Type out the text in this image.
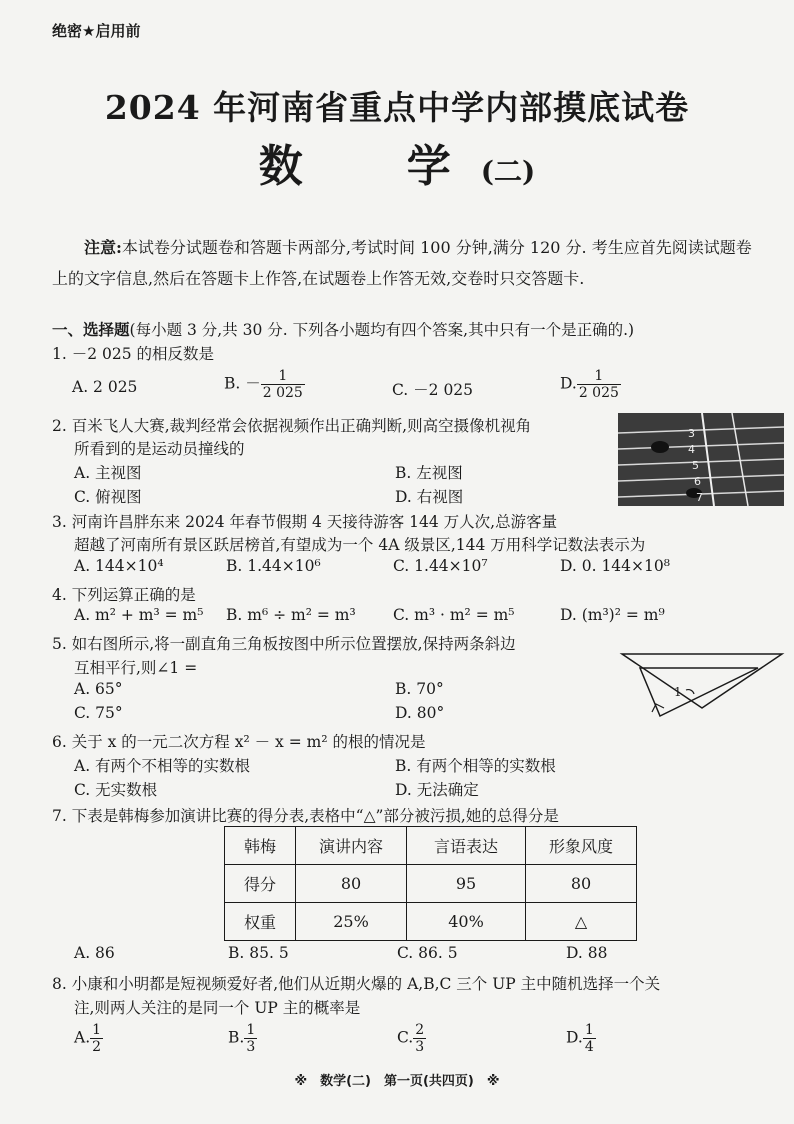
绝密★启用前
2024 年河南省重点中学内部摸底试卷
数　学(二)
注意:本试卷分试题卷和答题卡两部分,考试时间 100 分钟,满分 120 分. 考生应首先阅读试题卷上的文字信息,然后在答题卡上作答,在试题卷上作答无效,交卷时只交答题卡.
一、选择题(每小题 3 分,共 30 分. 下列各小题均有四个答案,其中只有一个是正确的.)
1. －2 025 的相反数是
A. 2 025	B. － $\frac{1}{2 025}$	C. －2 025	D. $\frac{1}{2 025}$
2. 百米飞人大赛,裁判经常会依据视频作出正确判断,则高空摄像机视角
所看到的是运动员撞线的
A. 主视图	B. 左视图
C. 俯视图	D. 右视图
3
4
5
6
7
3. 河南许昌胖东来 2024 年春节假期 4 天接待游客 144 万人次,总游客量
超越了河南所有景区跃居榜首,有望成为一个 4A 级景区,144 万用科学记数法表示为
A. 144×10⁴	B. 1.44×10⁶	C. 1.44×10⁷	D. 0. 144×10⁸
4. 下列运算正确的是
A. m² + m³ = m⁵ B. m⁶ ÷ m² = m³ C. m³ · m² = m⁵	D. (m³)² = m⁹
5. 如右图所示,将一副直角三角板按图中所示位置摆放,保持两条斜边
互相平行,则∠1 =
A. 65°	B. 70°
C. 75°	D. 80°
1
6. 关于 x 的一元二次方程 x² － x = m² 的根的情况是
A. 有两个不相等的实数根	B. 有两个相等的实数根
C. 无实数根	D. 无法确定
7. 下表是韩梅参加演讲比赛的得分表,表格中“△”部分被污损,她的总得分是
韩梅	演讲内容	言语表达	形象风度
得分	80	95	80
权重	25%	40%	△
A. 86	B. 85. 5	C. 86. 5	D. 88
8. 小康和小明都是短视频爱好者,他们从近期火爆的 A,B,C 三个 UP 主中随机选择一个关
注,则两人关注的是同一个 UP 主的概率是
A. $\frac{1}{2}$	B. $\frac{1}{3}$	C. $\frac{2}{3}$	D. $\frac{1}{4}$
※　数学(二)　第一页(共四页)　※
